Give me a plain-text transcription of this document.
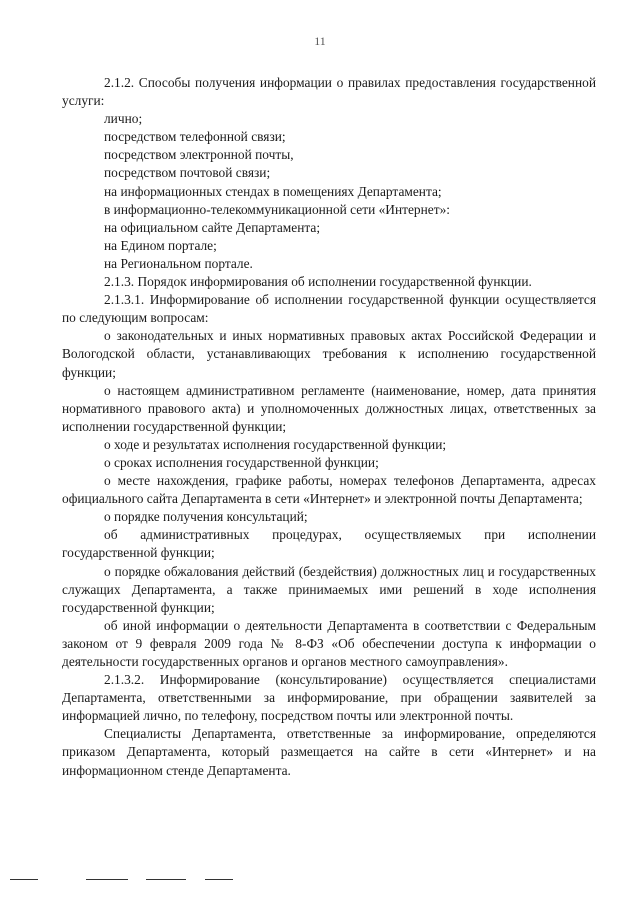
11

2.1.2. Способы получения информации о правилах предоставления государственной услуги:

лично;

посредством телефонной связи;

посредством электронной почты,

посредством почтовой связи;

на информационных стендах в помещениях Департамента;

в информационно-телекоммуникационной сети «Интернет»:

на официальном сайте Департамента;

на Едином портале;

на Региональном портале.

2.1.3. Порядок информирования об исполнении государственной функции.

2.1.3.1. Информирование об исполнении государственной функции осуществляется по следующим вопросам:

о законодательных и иных нормативных правовых актах Российской Федерации и Вологодской области, устанавливающих требования к исполнению государственной функции;

о настоящем административном регламенте (наименование, номер, дата принятия нормативного правового акта) и уполномоченных должностных лицах, ответственных за исполнении государственной функции;

о ходе и результатах исполнения государственной функции;

о сроках исполнения государственной функции;

о месте нахождения, графике работы, номерах телефонов Департамента, адресах официального сайта Департамента в сети «Интернет» и электронной почты Департамента;

о порядке получения консультаций;

об административных процедурах, осуществляемых при исполнении государственной функции;

о порядке обжалования действий (бездействия) должностных лиц и государственных служащих Департамента, а также принимаемых ими решений в ходе исполнения государственной функции;

об иной информации о деятельности Департамента в соответствии с Федеральным законом от 9 февраля 2009 года № 8-ФЗ «Об обеспечении доступа к информации о деятельности государственных органов и органов местного самоуправления».

2.1.3.2. Информирование (консультирование) осуществляется специалистами Департамента, ответственными за информирование, при обращении заявителей за информацией лично, по телефону, посредством почты или электронной почты.

Специалисты Департамента, ответственные за информирование, определяются приказом Департамента, который размещается на сайте в сети «Интернет» и на информационном стенде Департамента.
